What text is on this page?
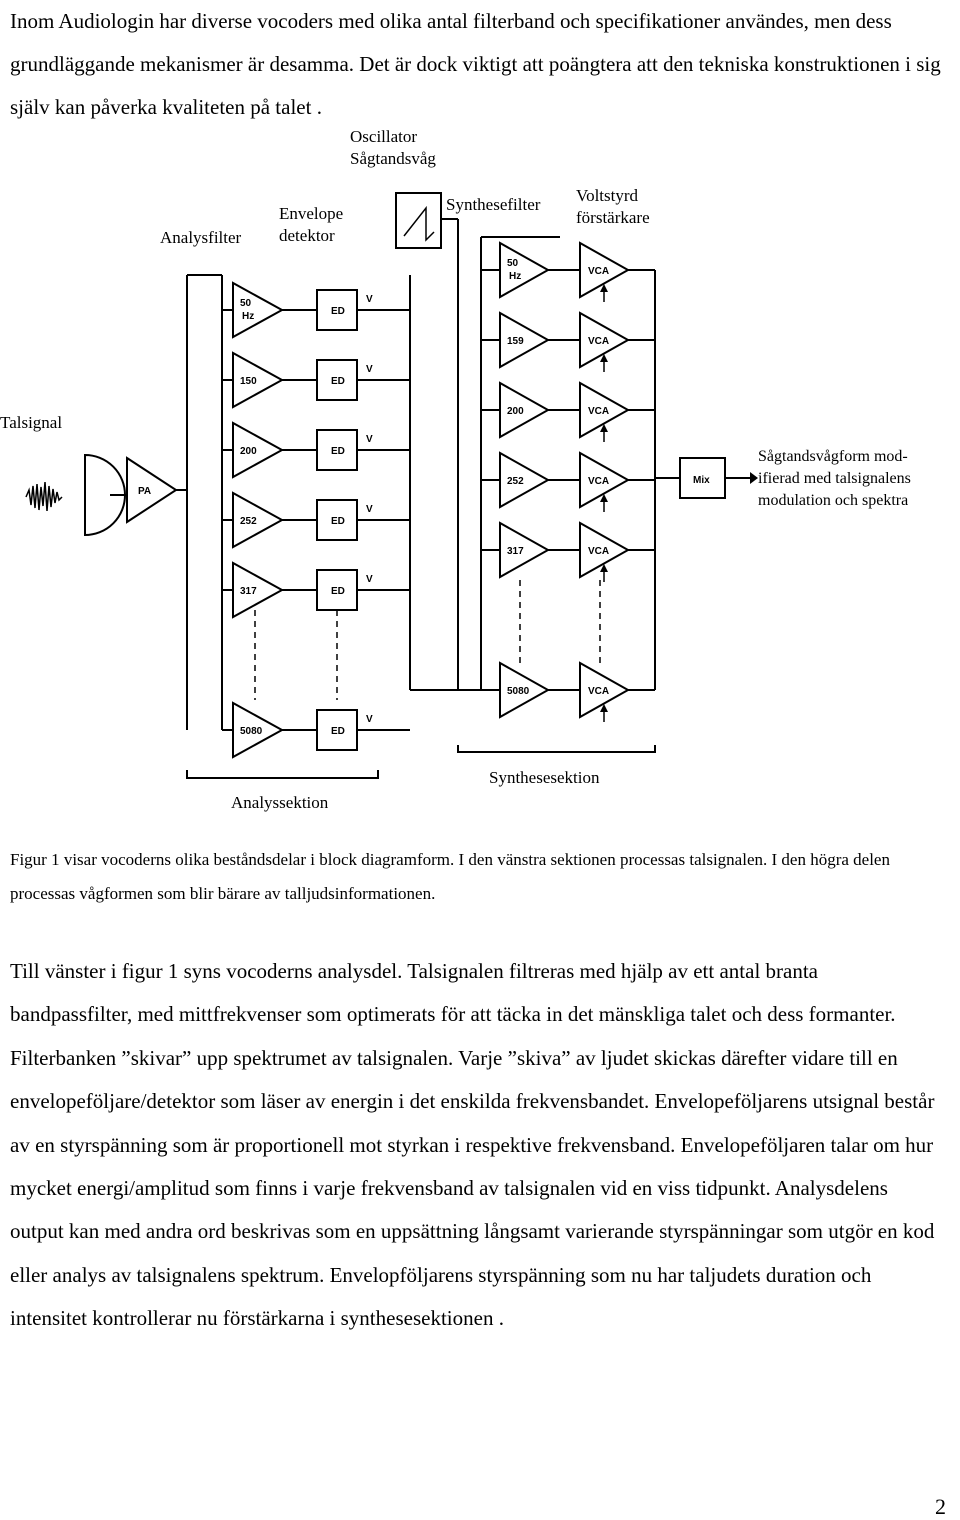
Inom Audiologin har diverse vocoders med olika antal filterband och specifikationer användes, men dess grundläggande mekanismer är desamma. Det är dock viktigt att poängtera att den tekniska konstruktionen i sig själv kan påverka kvaliteten på talet .

Oscillator
Sågtandsvåg
Analysfilter
Envelope
detektor
Synthesefilter Voltstyrd
förstärkare
Talsignal
Sågtandsvågform mod-
ifierad med talsignalens
modulation och spektra
Analyssektion
Synthesesektion
PA
Mix
50
Hz	ED
V
150	ED
V
200	ED
V
252	ED
V
317	ED
V
5080	ED
V
50
Hz	VCA
159	VCA
200	VCA
252	VCA
317	VCA
5080	VCA

Figur 1 visar vocoderns olika beståndsdelar i block diagramform. I den vänstra sektionen processas talsignalen. I den högra delen processas vågformen som blir bärare av talljudsinformationen.

Till vänster i figur 1 syns vocoderns analysdel. Talsignalen filtreras med hjälp av ett antal branta bandpassfilter, med mittfrekvenser som optimerats för att täcka in det mänskliga talet och dess formanter. Filterbanken ”skivar” upp spektrumet av talsignalen. Varje ”skiva” av ljudet skickas därefter vidare till en envelopeföljare/detektor som läser av energin i det enskilda frekvensbandet. Envelopeföljarens utsignal består av en styrspänning som är proportionell mot styrkan i respektive frekvensband. Envelopeföljaren talar om hur mycket energi/amplitud som finns i varje frekvensband av talsignalen vid en viss tidpunkt. Analysdelens output kan med andra ord beskrivas som en uppsättning långsamt varierande styrspänningar som utgör en kod eller analys av talsignalens spektrum. Envelopföljarens styrspänning som nu har taljudets duration och intensitet kontrollerar nu förstärkarna i synthesesektionen .

2
